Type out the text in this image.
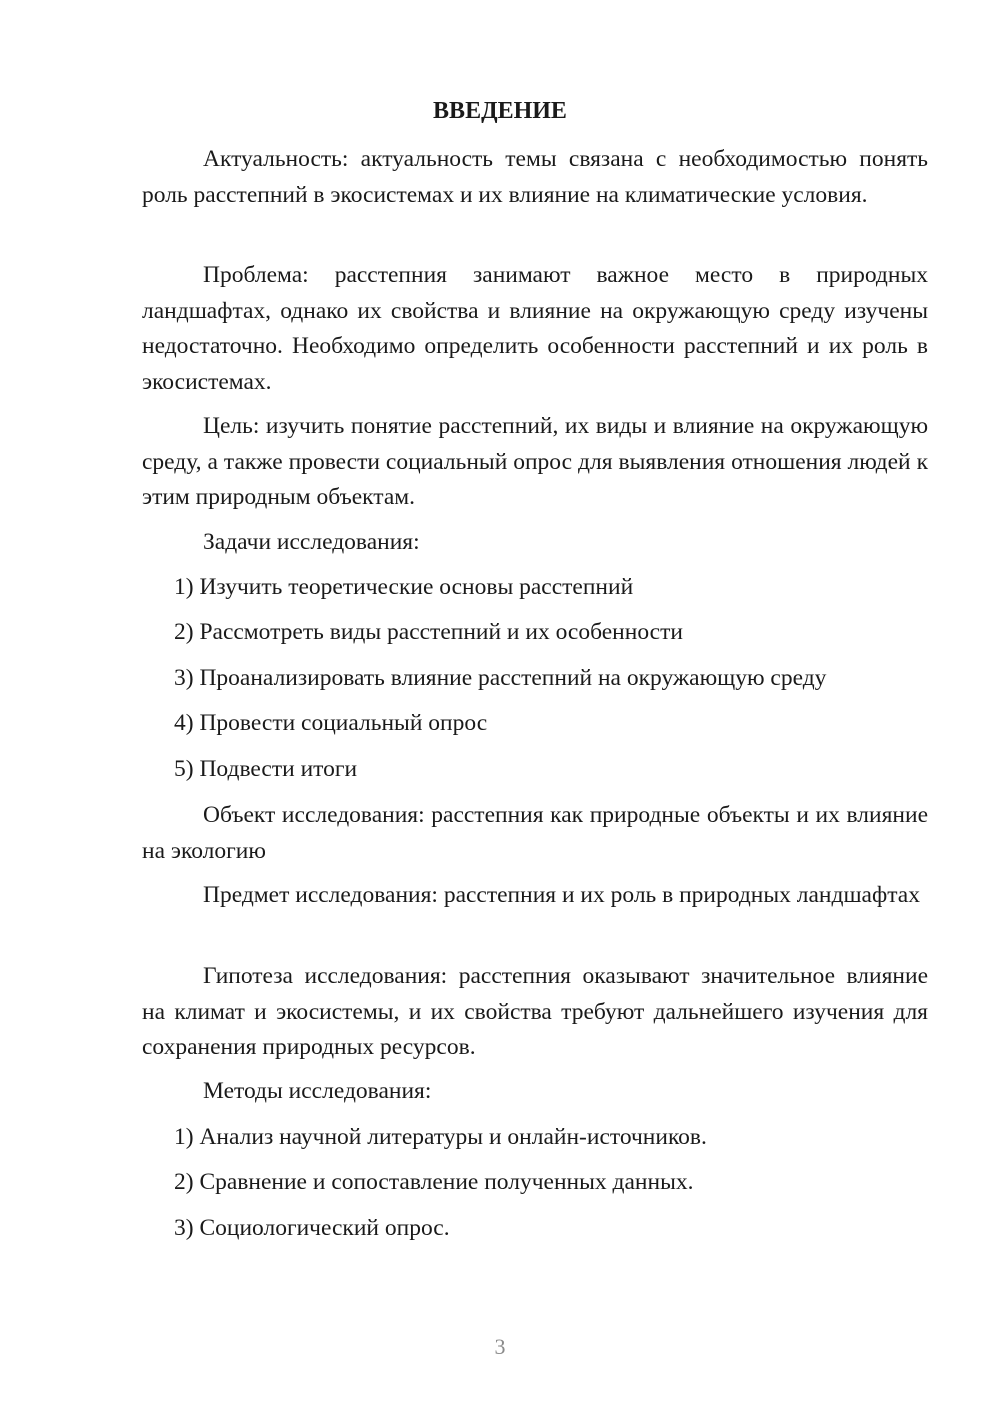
ВВЕДЕНИЕ

Актуальность: актуальность темы связана с необходимостью понять роль расстепний в экосистемах и их влияние на климатические условия.

Проблема: расстепния занимают важное место в природных ландшафтах, однако их свойства и влияние на окружающую среду изучены недостаточно. Необходимо определить особенности расстепний и их роль в экосистемах.

Цель: изучить понятие расстепний, их виды и влияние на окружающую среду, а также провести социальный опрос для выявления отношения людей к этим природным объектам.

Задачи исследования:

1) Изучить теоретические основы расстепний

2) Рассмотреть виды расстепний и их особенности

3) Проанализировать влияние расстепний на окружающую среду

4) Провести социальный опрос

5) Подвести итоги

Объект исследования: расстепния как природные объекты и их влияние на экологию

Предмет исследования: расстепния и их роль в природных ландшафтах

Гипотеза исследования: расстепния оказывают значительное влияние на климат и экосистемы, и их свойства требуют дальнейшего изучения для сохранения природных ресурсов.

Методы исследования:

1) Анализ научной литературы и онлайн-источников.

2) Сравнение и сопоставление полученных данных.

3) Социологический опрос.

3
